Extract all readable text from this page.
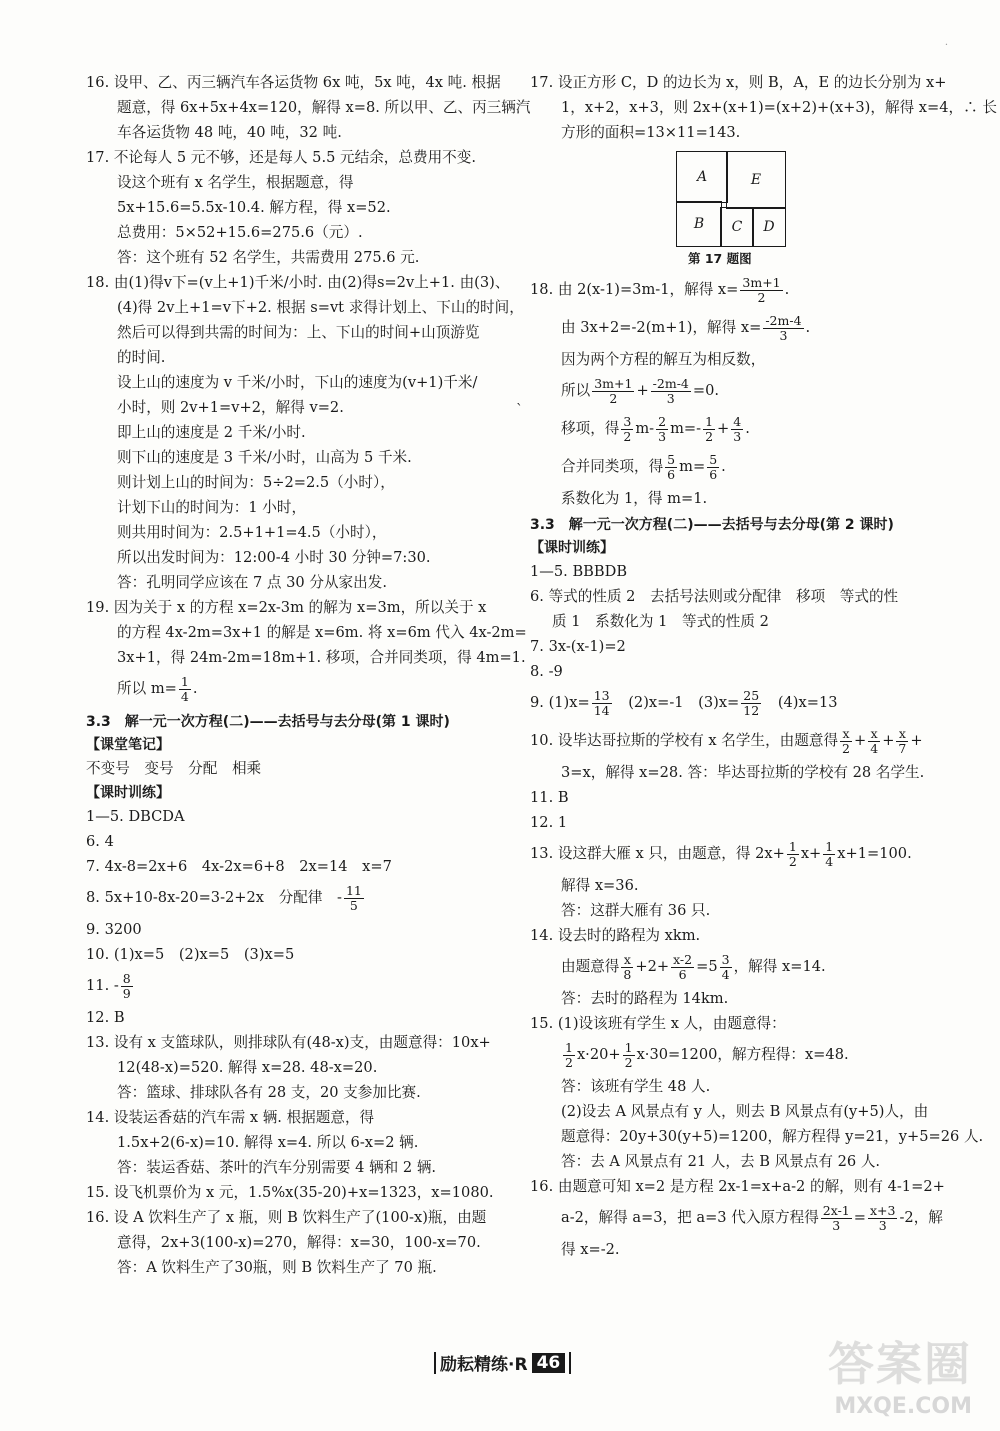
·
16. 设甲、乙、丙三辆汽车各运货物 6x 吨，5x 吨，4x 吨. 根据
题意，得 6x+5x+4x=120，解得 x=8. 所以甲、乙、丙三辆汽
车各运货物 48 吨，40 吨，32 吨.
17. 不论每人 5 元不够，还是每人 5.5 元结余，总费用不变.
设这个班有 x 名学生，根据题意，得
5x+15.6=5.5x-10.4. 解方程，得 x=52.
总费用：5×52+15.6=275.6（元）.
答：这个班有 52 名学生，共需费用 275.6 元.
18. 由(1)得v下=(v上+1)千米/小时. 由(2)得s=2v上+1. 由(3)、
(4)得 2v上+1=v下+2. 根据 s=vt 求得计划上、下山的时间，
然后可以得到共需的时间为：上、下山的时间+山顶游览
的时间.
设上山的速度为 v 千米/小时，下山的速度为(v+1)千米/
小时，则 2v+1=v+2，解得 v=2.
即上山的速度是 2 千米/小时.
则下山的速度是 3 千米/小时，山高为 5 千米.
则计划上山的时间为：5÷2=2.5（小时），
计划下山的时间为：1 小时，
则共用时间为：2.5+1+1=4.5（小时），
所以出发时间为：12:00-4 小时 30 分钟=7:30.
答：孔明同学应该在 7 点 30 分从家出发.
19. 因为关于 x 的方程 x=2x-3m 的解为 x=3m，所以关于 x
的方程 4x-2m=3x+1 的解是 x=6m. 将 x=6m 代入 4x-2m=
3x+1，得 24m-2m=18m+1. 移项，合并同类项，得 4m=1.
所以 $m= \frac{1}{4}$ .
3.3　解一元一次方程(二)——去括号与去分母(第 1 课时)
【课堂笔记】
不变号　变号　分配　相乘
【课时训练】
1—5. DBCDA
6. 4
7. 4x-8=2x+6　4x-2x=6+8　2x=14　x=7
8. 5x+10-8x-20=3-2+2x　分配律　- $\frac{11}{5}$
9. 3200
10. (1)x=5　(2)x=5　(3)x=5
11. - $\frac{8}{9}$
12. B
13. 设有 x 支篮球队，则排球队有(48-x)支，由题意得：10x+
12(48-x)=520. 解得 x=28. 48-x=20.
答：篮球、排球队各有 28 支，20 支参加比赛.
14. 设装运香菇的汽车需 x 辆. 根据题意，得
1.5x+2(6-x)=10. 解得 x=4. 所以 6-x=2 辆.
答：装运香菇、茶叶的汽车分别需要 4 辆和 2 辆.
15. 设飞机票价为 x 元，1.5%x(35-20)+x=1323，x=1080.
16. 设 A 饮料生产了 x 瓶，则 B 饮料生产了(100-x)瓶，由题
意得，2x+3(100-x)=270，解得：x=30，100-x=70.
答：A 饮料生产了30瓶，则 B 饮料生产了 70 瓶.
`
17. 设正方形 C，D 的边长为 x，则 B，A，E 的边长分别为 x+
1，x+2，x+3，则 2x+(x+1)=(x+2)+(x+3)，解得 x=4，∴ 长
方形的面积=13×11=143.
A	E
B	C	D
第 17 题图
18. 由 2(x-1)=3m-1，解得 $x= \frac{3m+1}{2}$ .
由 3x+2=-2(m+1)，解得 $x= \frac{-2m-4}{3}$ .
因为两个方程的解互为相反数，
所以 $\frac{3m+1}{2} + \frac{-2m-4}{3} =0$.
移项，得 $\frac{3}{2} m- \frac{2}{3} m=- \frac{1}{2} + \frac{4}{3}$ .
合并同类项，得 $\frac{5}{6} m= \frac{5}{6}$ .
系数化为 1，得 m=1.
3.3　解一元一次方程(二)——去括号与去分母(第 2 课时)
【课时训练】
1—5. BBBDB
6. 等式的性质 2　去括号法则或分配律　移项　等式的性
质 1　系数化为 1　等式的性质 2
7. 3x-(x-1)=2
8. -9
9. $(1)x= \frac{13}{14}$
　 (2)x=-1　$(3)x= \frac{25}{12}$
　 (4)x=13
10. 设毕达哥拉斯的学校有 x 名学生，由题意得 $\frac{x}{2} + \frac{x}{4} + \frac{x}{7}$ +
3=x，解得 x=28. 答：毕达哥拉斯的学校有 28 名学生.
11. B
12. 1
13. 设这群大雁 x 只，由题意，得 $2x+ \frac{1}{2} x+ \frac{1}{4} x+1=100$.
解得 x=36.
答：这群大雁有 36 只.
14. 设去时的路程为 xkm.
由题意得 $\frac{x}{8} +2+ \frac{x-2}{6} =5 \frac{3}{4}$ ，解得 x=14.
答：去时的路程为 14km.
15. (1)设该班有学生 x 人，由题意得：
$\frac{1}{2} x\cdot 20+ \frac{1}{2} x\cdot 30=1200$，解方程得：x=48.
答：该班有学生 48 人.
(2)设去 A 风景点有 y 人，则去 B 风景点有(y+5)人，由
题意得：20y+30(y+5)=1200，解方程得 y=21，y+5=26 人.
答：去 A 风景点有 21 人，去 B 风景点有 26 人.
16. 由题意可知 x=2 是方程 2x-1=x+a-2 的解，则有 4-1=2+
a-2，解得 a=3，把 a=3 代入原方程得 $\frac{2x-1}{3} = \frac{x+3}{3} -2$，解
得 x=-2.
励耘精练·R 46	答案圈
MXQE.COM
